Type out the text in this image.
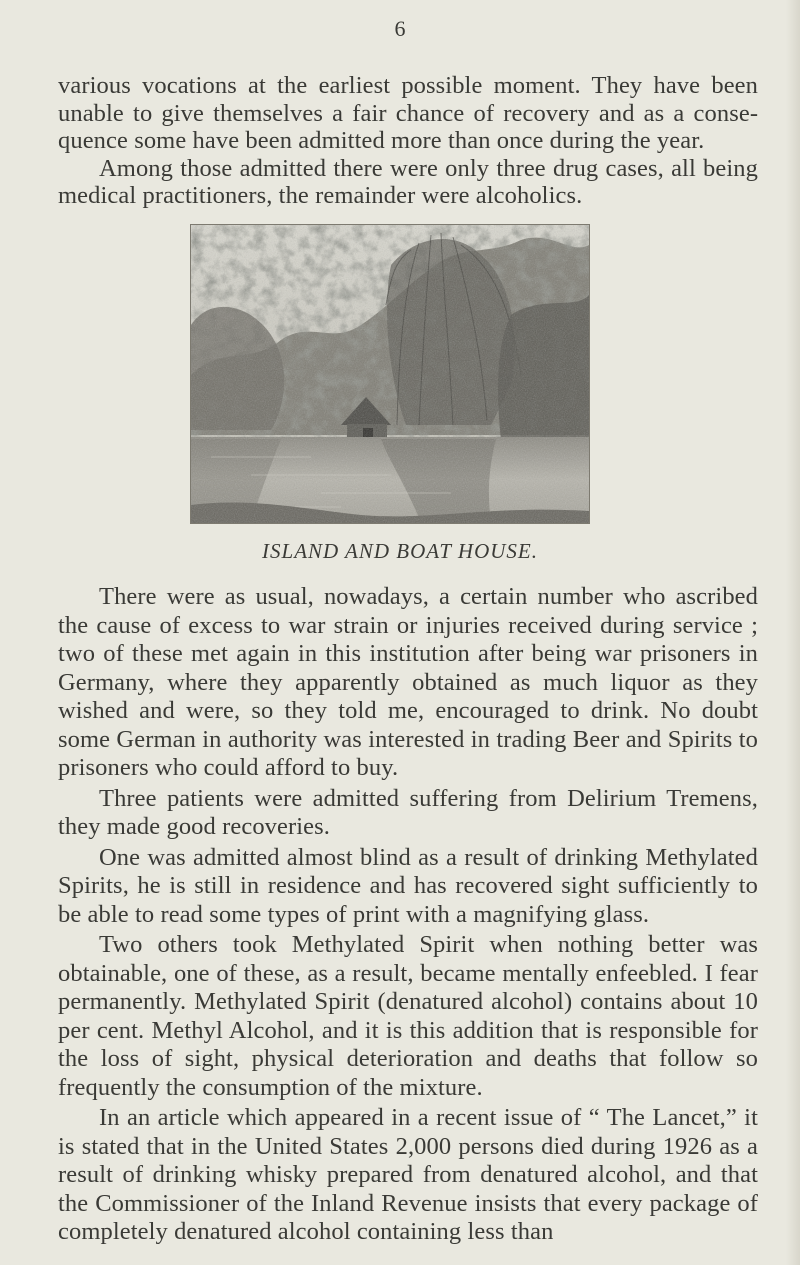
6

various vocations at the earliest possible moment. They have been unable to give themselves a fair chance of recovery and as a consequence some have been admitted more than once during the year.

Among those admitted there were only three drug cases, all being medical practitioners, the remainder were alcoholics.

ISLAND AND BOAT HOUSE.

There were as usual, nowadays, a certain number who ascribed the cause of excess to war strain or injuries received during service ; two of these met again in this institution after being war prisoners in Germany, where they apparently obtained as much liquor as they wished and were, so they told me, encouraged to drink. No doubt some German in authority was interested in trading Beer and Spirits to prisoners who could afford to buy.

Three patients were admitted suffering from Delirium Tremens, they made good recoveries.

One was admitted almost blind as a result of drinking Methylated Spirits, he is still in residence and has recovered sight sufficiently to be able to read some types of print with a magnifying glass.

Two others took Methylated Spirit when nothing better was obtainable, one of these, as a result, became mentally enfeebled. I fear permanently. Methylated Spirit (denatured alcohol) contains about 10 per cent. Methyl Alcohol, and it is this addition that is responsible for the loss of sight, physical deterioration and deaths that follow so frequently the consumption of the mixture.

In an article which appeared in a recent issue of “ The Lancet,” it is stated that in the United States 2,000 persons died during 1926 as a result of drinking whisky prepared from denatured alcohol, and that the Commissioner of the Inland Revenue insists that every package of completely denatured alcohol containing less than
